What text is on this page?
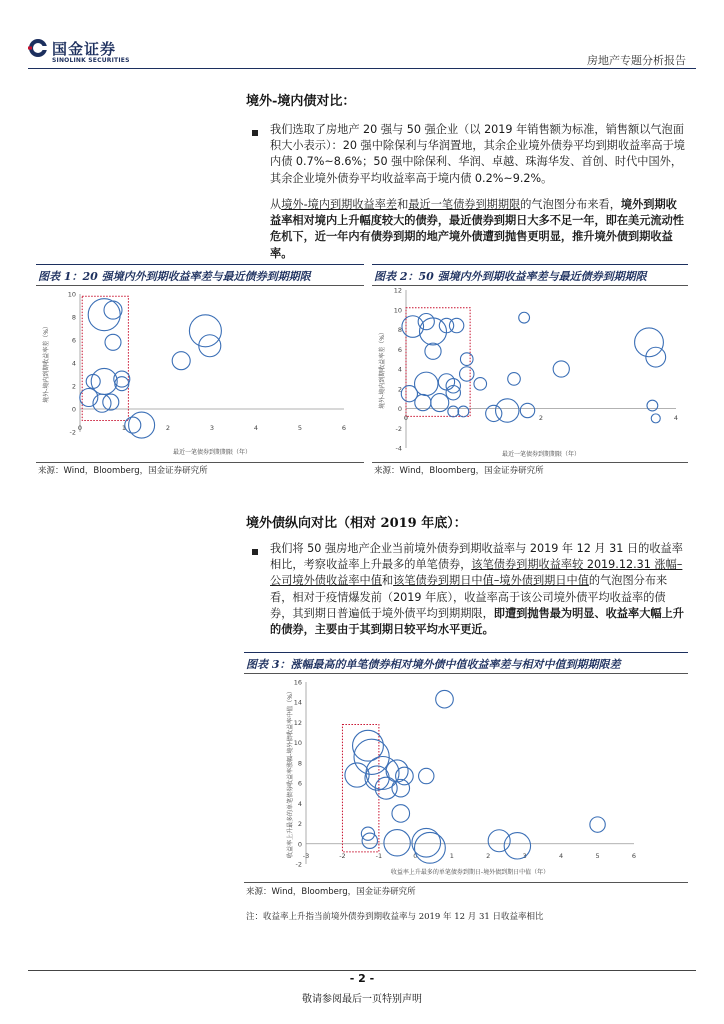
国金证券
SINOLINK SECURITIES	房地产专题分析报告
境外-境内债对比：
我们选取了房地产 20 强与 50 强企业（以 2019 年销售额为标准，销售额以气泡面积大小表示）：20 强中除保利与华润置地，其余企业境外债券平均到期收益率高于境内债 0.7%~8.6%；50 强中除保利、华润、卓越、珠海华发、首创、时代中国外，其余企业境外债券平均收益率高于境内债 0.2%~9.2%。
从境外-境内到期收益率差和最近一笔债券到期期限的气泡图分布来看，境外到期收益率相对境内上升幅度较大的债券，最近债券到期日大多不足一年，即在美元流动性危机下，近一年内有债券到期的地产境外债遭到抛售更明显，推升境外债到期收益率。
图表 1：20 强境内外到期收益率差与最近债券到期期限
-2
0
2
4
6
8
10
0	1	2	3	4	5	6
最近一笔债券到期期限（年）
境外-境内到期收益率差（%）
来源：Wind，Bloomberg，国金证券研究所
图表 2：50 强境内外到期收益率差与最近债券到期期限
-4
-2
0
2
4
6
8
10
12
0	2	4
最近一笔债券到期期限（年）
境外-境内到期收益率差（%）
来源：Wind，Bloomberg，国金证券研究所
境外债纵向对比（相对 2019 年底）：
我们将 50 强房地产企业当前境外债券到期收益率与 2019 年 12 月 31 日的收益率相比，考察收益率上升最多的单笔债券，该笔债券到期收益率较 2019.12.31 涨幅–公司境外债收益率中值和该笔债券到期日中值–境外债到期日中值的气泡图分布来看，相对于疫情爆发前（2019 年底），收益率高于该公司境外债平均收益率的债券，其到期日普遍低于境外债平均到期期限，即遭到抛售最为明显、收益率大幅上升的债券，主要由于其到期日较平均水平更近。
图表 3：涨幅最高的单笔债券相对境外债中值收益率差与相对中值到期期限差
-2
0
2
4
6
8
10
12
14
16
-3	-2	-1	0	1	2	3	4	5	6
收益率上升最多的单笔债券到期日-境外债到期日中值（年）
收益率上升最多的单笔债券收益率涨幅-境外债收益率中值（%）
来源：Wind，Bloomberg，国金证券研究所
注：收益率上升指当前境外债券到期收益率与 2019 年 12 月 31 日收益率相比
- 2 -
敬请参阅最后一页特别声明
